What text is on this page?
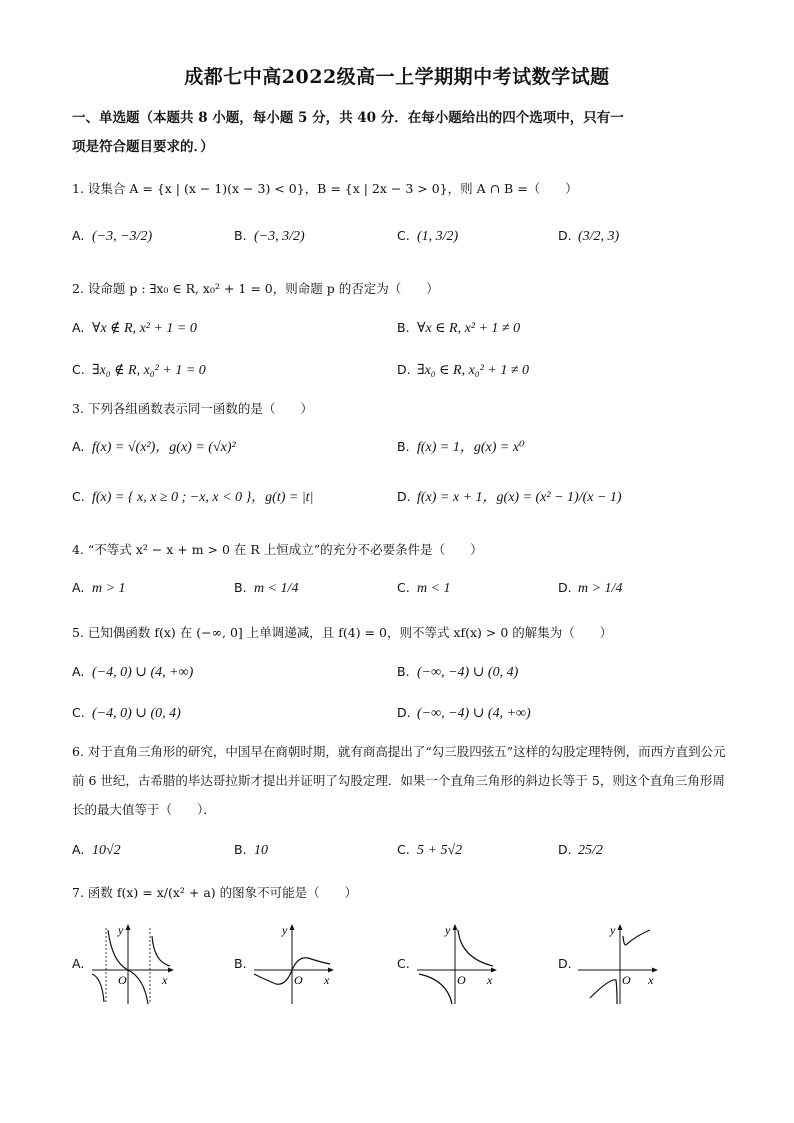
成都七中高2022级高一上学期期中考试数学试题
一、单选题（本题共 8 小题，每小题 5 分，共 40 分．在每小题给出的四个选项中，只有一
项是符合题目要求的．）
1. 设集合 A = {x | (x − 1)(x − 3) < 0}，B = {x | 2x − 3 > 0}，则 A ∩ B =（　　）
A. (−3, −3/2)	B. (−3, 3/2)	C. (1, 3/2)	D. (3/2, 3)
2. 设命题 p : ∃x₀ ∈ R, x₀² + 1 = 0，则命题 p 的否定为（　　）
A. ∀x ∉ R, x² + 1 = 0	B. ∀x ∈ R, x² + 1 ≠ 0
C. ∃x₀ ∉ R, x₀² + 1 = 0	D. ∃x₀ ∈ R, x₀² + 1 ≠ 0
3. 下列各组函数表示同一函数的是（　　）
A. f(x) = √(x²)，g(x) = (√x)²	B. f(x) = 1，g(x) = x⁰
C. f(x) = { x, x ≥ 0 ; −x, x < 0 }，g(t) = |t|	D. f(x) = x + 1，g(x) = (x² − 1)/(x − 1)
4. “不等式 x² − x + m > 0 在 R 上恒成立”的充分不必要条件是（　　）
A. m > 1	B. m < 1/4	C. m < 1	D. m > 1/4
5. 已知偶函数 f(x) 在 (−∞, 0] 上单调递减，且 f(4) = 0，则不等式 xf(x) > 0 的解集为（　　）
A. (−4, 0) ∪ (4, +∞)	B. (−∞, −4) ∪ (0, 4)
C. (−4, 0) ∪ (0, 4)	D. (−∞, −4) ∪ (4, +∞)
6. 对于直角三角形的研究，中国早在商朝时期，就有商高提出了“勾三股四弦五”这样的勾股定理特例，而西方直到公元前 6 世纪，古希腊的毕达哥拉斯才提出并证明了勾股定理．如果一个直角三角形的斜边长等于 5，则这个直角三角形周长的最大值等于（　　）．
A. 10√2	B. 10	C. 5 + 5√2	D. 25/2
7. 函数 f(x) = x/(x² + a) 的图象不可能是（　　）
A.
O	x
y
B.
O x
y
C.
O x
y
D.
O x
y
